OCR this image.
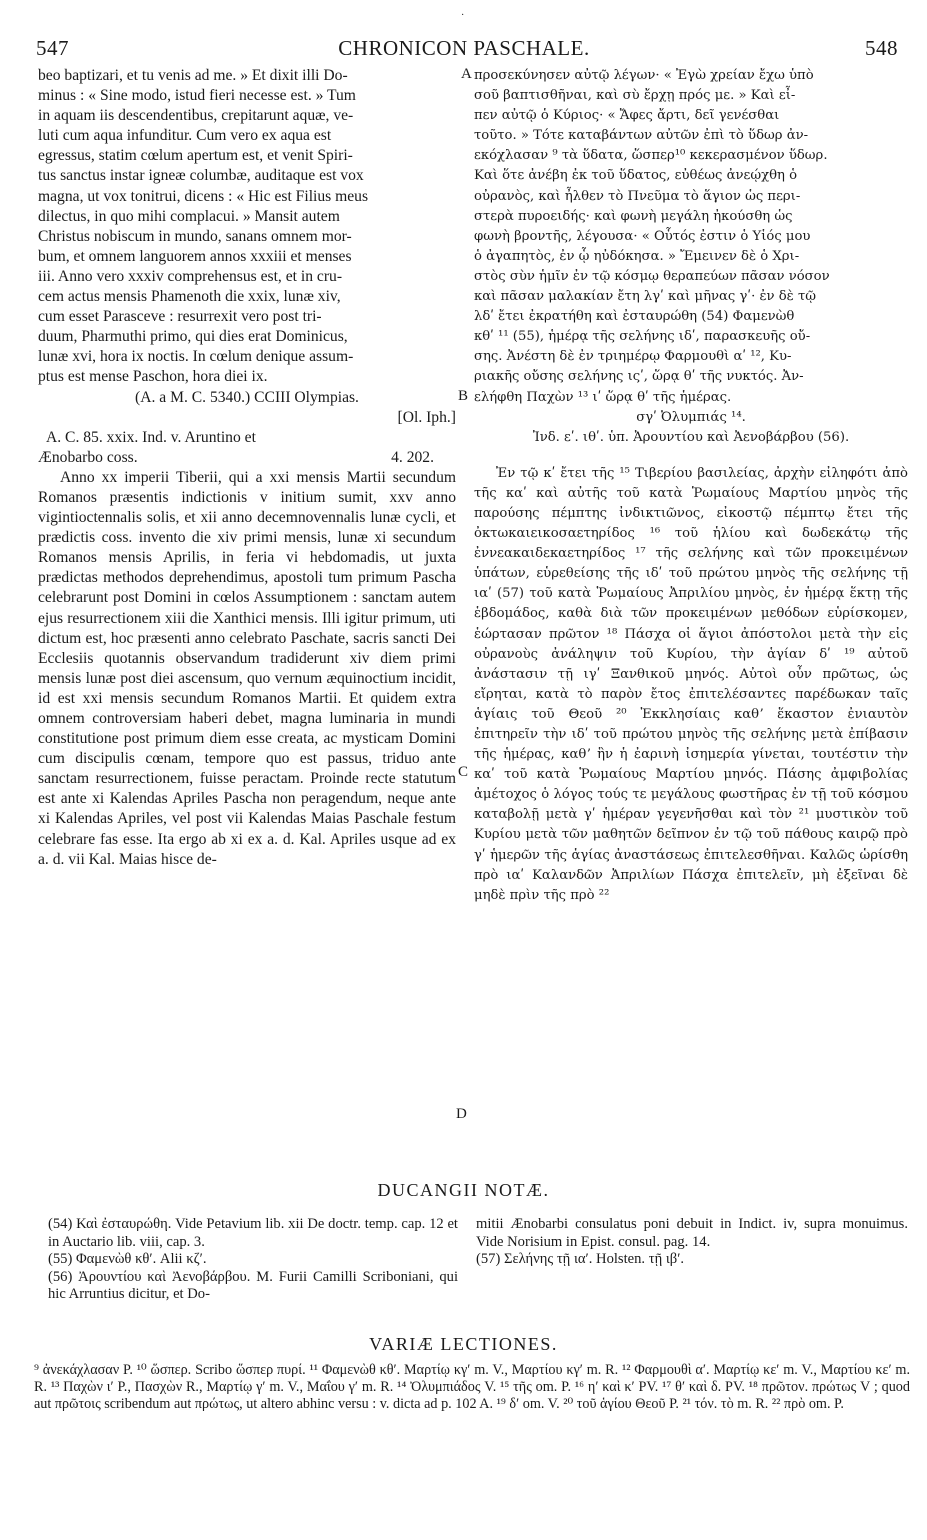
·
547	CHRONICON PASCHALE.	548

beo baptizari, et tu venis ad me. » Et dixit illi Do-

minus : « Sine modo, istud fieri necesse est. » Tum

in aquam iis descendentibus, crepitarunt aquæ, ve-

luti cum aqua infunditur. Cum vero ex aqua est

egressus, statim cœlum apertum est, et venit Spiri-

tus sanctus instar igneæ columbæ, auditaque est vox

magna, ut vox tonitrui, dicens : « Hic est Filius meus

dilectus, in quo mihi complacui. » Mansit autem

Christus nobiscum in mundo, sanans omnem mor-

bum, et omnem languorem annos xxxiii et menses

iii. Anno vero xxxiv comprehensus est, et in cru-

cem actus mensis Phamenoth die xxix, lunæ xiv,

cum esset Parasceve : resurrexit vero post tri-

duum, Pharmuthi primo, qui dies erat Dominicus,

lunæ xvi, hora ix noctis. In cœlum denique assum-

ptus est mense Paschon, hora diei ix.

(A. a M. C. 5340.) CCIII Olympias.

[Ol. Iph.]

A. C. 85. xxix. Ind. v. Aruntino et

Ænobarbo coss.	4. 202.

Anno xx imperii Tiberii, qui a xxi mensis Martii secundum Romanos præsentis indictionis v initium sumit, xxv anno vigintioctennalis solis, et xii anno decemnovennalis lunæ cycli, et prædictis coss. invento die xiv primi mensis, lunæ xi secundum Romanos mensis Aprilis, in feria vi hebdomadis, ut juxta prædictas methodos deprehendimus, apostoli tum primum Pascha celebrarunt post Domini in cœlos Assumptionem : sanctam autem ejus resurrectionem xiii die Xanthici mensis. Illi igitur primum, uti dictum est, hoc præsenti anno celebrato Paschate, sacris sancti Dei Ecclesiis quotannis observandum tradiderunt xiv diem primi mensis lunæ post diei ascensum, quo vernum æquinoctium incidit, id est xxi mensis secundum Romanos Martii. Et quidem extra omnem controversiam haberi debet, magna luminaria in mundi constitutione post primum diem esse creata, ac mysticam Domini cum discipulis cœnam, tempore quo est passus, triduo ante sanctam resurrectionem, fuisse peractam. Proinde recte statutum est ante xi Kalendas Apriles Pascha non peragendum, neque ante xi Kalendas Apriles, vel post vii Kalendas Maias Paschale festum celebrare fas esse. Ita ergo ab xi ex a. d. Kal. Apriles usque ad ex a. d. vii Kal. Maias hisce de-

προσεκύνησεν αὐτῷ λέγων· « Ἐγὼ χρείαν ἔχω ὑπὸ

σοῦ βαπτισθῆναι, καὶ σὺ ἔρχῃ πρός με. » Καὶ εἶ-

πεν αὐτῷ ὁ Κύριος· « Ἄφες ἄρτι, δεῖ γενέσθαι

τοῦτο. » Τότε καταβάντων αὐτῶν ἐπὶ τὸ ὕδωρ ἀν-

εκόχλασαν ⁹ τὰ ὕδατα, ὥσπερ¹⁰ κεκερασμένον ὕδωρ.

Καὶ ὅτε ἀνέβη ἐκ τοῦ ὕδατος, εὐθέως ἀνεῴχθη ὁ

οὐρανὸς, καὶ ἦλθεν τὸ Πνεῦμα τὸ ἅγιον ὡς περι-

στερὰ πυροειδής· καὶ φωνὴ μεγάλη ἠκούσθη ὡς

φωνὴ βροντῆς, λέγουσα· « Οὗτός ἐστιν ὁ Υἱός μου

ὁ ἀγαπητὸς, ἐν ᾧ ηὐδόκησα. » Ἔμεινεν δὲ ὁ Χρι-

στὸς σὺν ἡμῖν ἐν τῷ κόσμῳ θεραπεύων πᾶσαν νόσον

καὶ πᾶσαν μαλακίαν ἔτη λγʹ καὶ μῆνας γʹ· ἐν δὲ τῷ

λδʹ ἔτει ἐκρατήθη καὶ ἐσταυρώθη (54) Φαμενὼθ

κθʹ ¹¹ (55), ἡμέρᾳ τῆς σελήνης ιδʹ, παρασκευῆς οὔ-

σης. Ἀνέστη δὲ ἐν τριημέρῳ Φαρμουθὶ αʹ ¹², Κυ-

ριακῆς οὔσης σελήνης ιςʹ, ὥρᾳ θʹ τῆς νυκτός. Ἀν-

ελήφθη Παχὼν ¹³ ιʹ ὥρᾳ θʹ τῆς ἡμέρας.

σγʹ Ὀλυμπιάς ¹⁴.

Ἰνδ. εʹ. ιθʹ. ὑπ. Ἀρουντίου καὶ Ἀενοβάρβου (56).

Ἐν τῷ κʹ ἔτει τῆς ¹⁵ Τιβερίου βασιλείας, ἀρχὴν εἰληφότι ἀπὸ τῆς καʹ καὶ αὐτῆς τοῦ κατὰ Ῥωμαίους Μαρτίου μηνὸς τῆς παρούσης πέμπτης ἰνδικτιῶνος, εἰκοστῷ πέμπτῳ ἔτει τῆς ὀκτωκαιεικοσαετηρίδος ¹⁶ τοῦ ἡλίου καὶ δωδεκάτῳ τῆς ἐννεακαιδεκαετηρίδος ¹⁷ τῆς σελήνης καὶ τῶν προκειμένων ὑπάτων, εὑρεθείσης τῆς ιδʹ τοῦ πρώτου μηνὸς τῆς σελήνης τῇ ιαʹ (57) τοῦ κατὰ Ῥωμαίους Ἀπριλίου μηνὸς, ἐν ἡμέρᾳ ἕκτῃ τῆς ἑβδομάδος, καθὰ διὰ τῶν προκειμένων μεθόδων εὑρίσκομεν, ἑώρτασαν πρῶτον ¹⁸ Πάσχα οἱ ἅγιοι ἀπόστολοι μετὰ τὴν εἰς οὐρανοὺς ἀνάληψιν τοῦ Κυρίου, τὴν ἁγίαν δʹ ¹⁹ αὐτοῦ ἀνάστασιν τῇ ιγʹ Ξανθικοῦ μηνός. Αὐτοὶ οὖν πρῶτως, ὡς εἴρηται, κατὰ τὸ παρὸν ἔτος ἐπιτελέσαντες παρέδωκαν ταῖς ἁγίαις τοῦ Θεοῦ ²⁰ Ἐκκλησίαις καθʼ ἕκαστον ἐνιαυτὸν ἐπιτηρεῖν τὴν ιδʹ τοῦ πρώτου μηνὸς τῆς σελήνης μετὰ ἐπίβασιν τῆς ἡμέρας, καθʼ ἣν ἡ ἐαρινὴ ἰσημερία γίνεται, τουτέστιν τὴν καʹ τοῦ κατὰ Ῥωμαίους Μαρτίου μηνός. Πάσης ἀμφιβολίας ἀμέτοχος ὁ λόγος τούς τε μεγάλους φωστῆρας ἐν τῇ τοῦ κόσμου καταβολῇ μετὰ γʹ ἡμέραν γεγενῆσθαι καὶ τὸν ²¹ μυστικὸν τοῦ Κυρίου μετὰ τῶν μαθητῶν δεῖπνον ἐν τῷ τοῦ πάθους καιρῷ πρὸ γʹ ἡμερῶν τῆς ἁγίας ἀναστάσεως ἐπιτελεσθῆναι. Καλῶς ὡρίσθη πρὸ ιαʹ Καλανδῶν Ἀπριλίων Πάσχα ἐπιτελεῖν, μὴ ἐξεῖναι δὲ μηδὲ πρὶν τῆς πρὸ ²²

A
B
C
D
DUCANGII NOTÆ.

(54) Καὶ ἐσταυρώθη. Vide Petavium lib. xii De doctr. temp. cap. 12 et in Auctario lib. viii, cap. 3.

(55) Φαμενὼθ κθʹ. Alii κζʹ.

(56) Ἀρουντίου καὶ Ἀενοβάρβου. M. Furii Camilli Scriboniani, qui hic Arruntius dicitur, et Do-

mitii Ænobarbi consulatus poni debuit in Indict. iv, supra monuimus. Vide Norisium in Epist. consul. pag. 14.

(57) Σελήνης τῇ ιαʹ. Holsten. τῇ ιβʹ.

VARIÆ LECTIONES.

⁹ ἀνεκάχλασαν P. ¹⁰ ὥσπερ. Scribo ὥσπερ πυρί. ¹¹ Φαμενὼθ κθʹ. Μαρτίῳ κγʹ m. V., Μαρτίου κγʹ m. R. ¹² Φαρμουθὶ αʹ. Μαρτίῳ κεʹ m. V., Μαρτίου κεʹ m. R. ¹³ Παχὼν ιʹ P., Πασχὼν R., Μαρτίῳ γʹ m. V., Μαΐου γʹ m. R. ¹⁴ Ὀλυμπιάδος V. ¹⁵ τῆς om. P. ¹⁶ ηʹ καὶ κʹ PV. ¹⁷ θʹ καὶ δ. PV. ¹⁸ πρῶτον. πρώτως V ; quod aut πρῶτοις scribendum aut πρώτως, ut altero abhinc versu : v. dicta ad p. 102 A. ¹⁹ δʹ om. V. ²⁰ τοῦ ἁγίου Θεοῦ P. ²¹ τόν. τὸ m. R. ²² πρὸ om. P.
